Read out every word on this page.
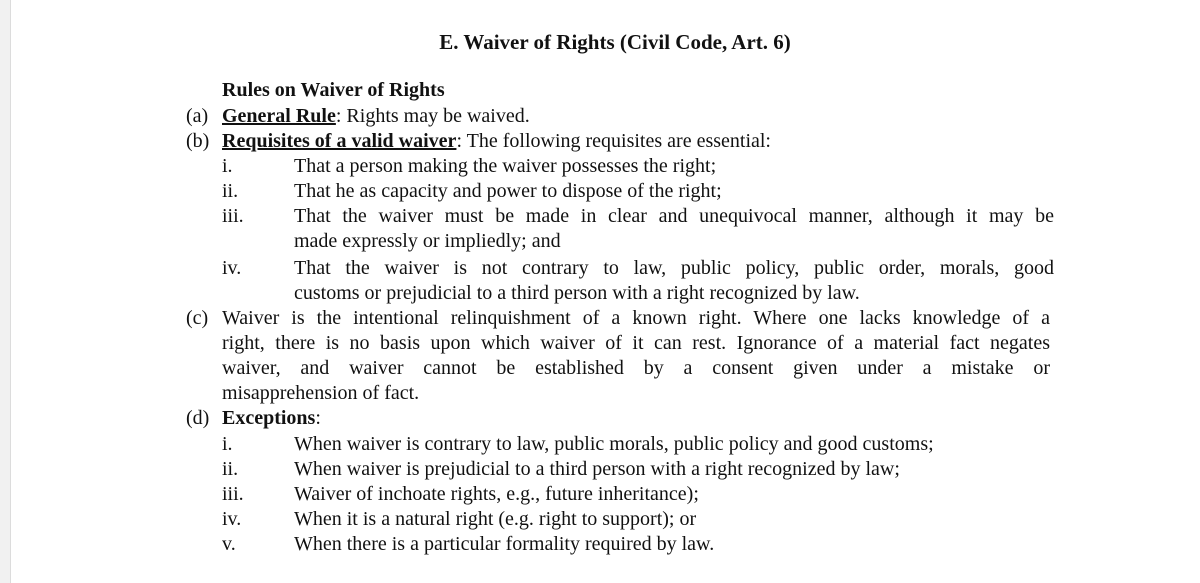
E. Waiver of Rights (Civil Code, Art. 6)
Rules on Waiver of Rights
(a) General Rule: Rights may be waived.
(b) Requisites of a valid waiver: The following requisites are essential:
i.	That a person making the waiver possesses the right;
ii.	That he as capacity and power to dispose of the right;
iii.	That the waiver must be made in clear and unequivocal manner, although it may be
made expressly or impliedly; and
iv.	That the waiver is not contrary to law, public policy, public order, morals, good
customs or prejudicial to a third person with a right recognized by law.
(c) Waiver is the intentional relinquishment of a known right. Where one lacks knowledge of a
right, there is no basis upon which waiver of it can rest. Ignorance of a material fact negates
waiver, and waiver cannot be established by a consent given under a mistake or
misapprehension of fact.
(d) Exceptions:
i.	When waiver is contrary to law, public morals, public policy and good customs;
ii.	When waiver is prejudicial to a third person with a right recognized by law;
iii.	Waiver of inchoate rights, e.g., future inheritance);
iv.	When it is a natural right (e.g. right to support); or
v.	When there is a particular formality required by law.
